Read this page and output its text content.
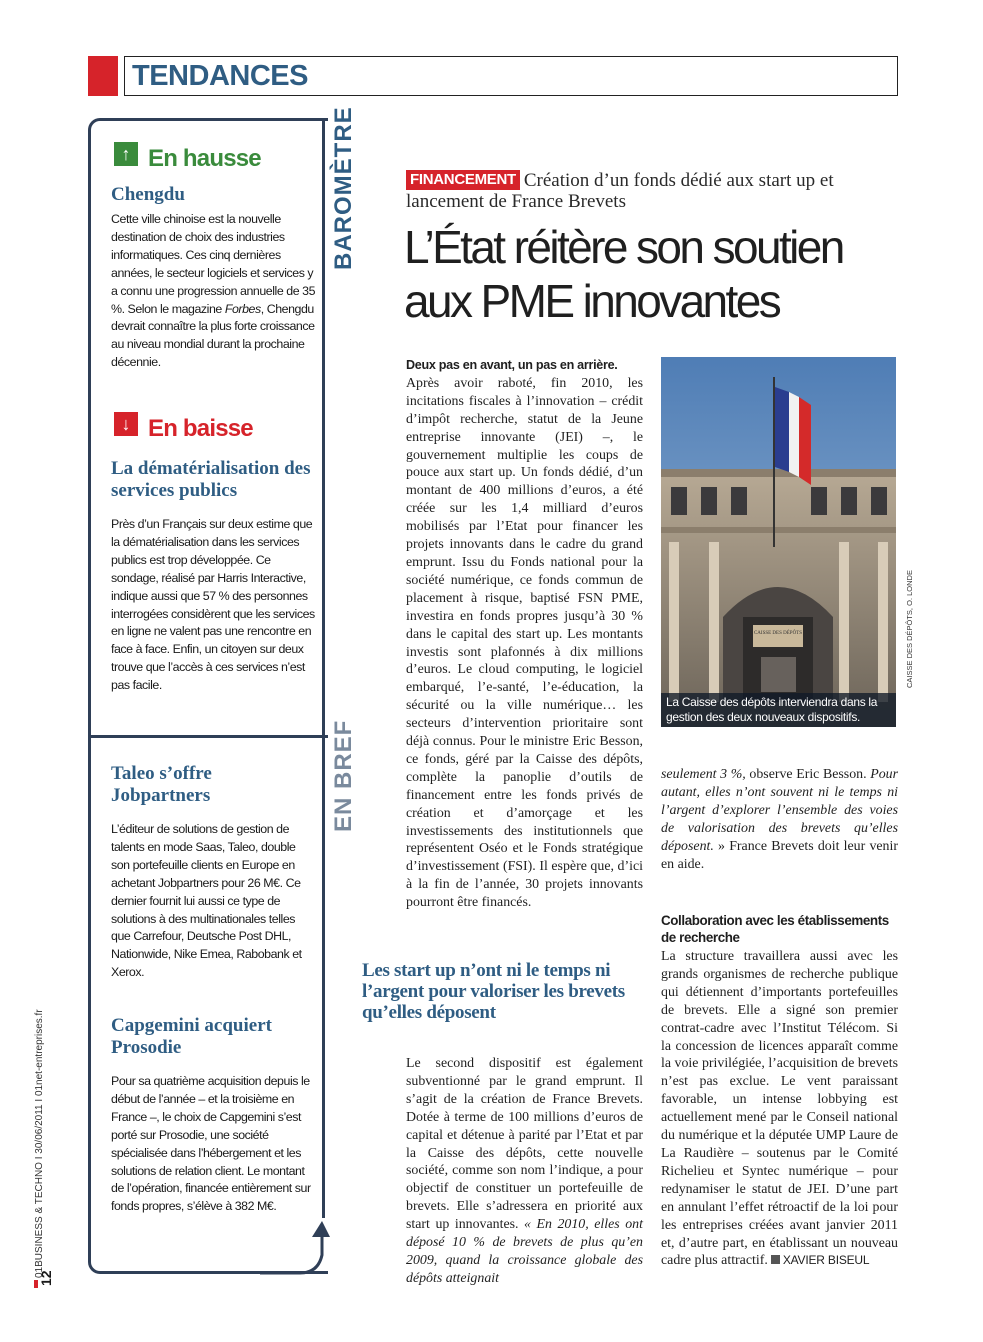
TENDANCES
BAROMÈTRE
EN BREF
↑ En hausse
Chengdu
Cette ville chinoise est la nouvelle destination de choix des industries informatiques. Ces cinq dernières années, le secteur logiciels et services y a connu une progression annuelle de 35 %. Selon le magazine Forbes, Chengdu devrait connaître la plus forte croissance au niveau mondial durant la prochaine décennie.
↓ En baisse
La dématérialisation des services publics
Près d’un Français sur deux estime que la dématérialisation dans les services publics est trop développée. Ce sondage, réalisé par Harris Interactive, indique aussi que 57 % des personnes interrogées considèrent que les services en ligne ne valent pas une rencontre en face à face. Enfin, un citoyen sur deux trouve que l’accès à ces services n’est pas facile.
Taleo s’offre Jobpartners
L’éditeur de solutions de gestion de talents en mode Saas, Taleo, double son portefeuille clients en Europe en achetant Jobpartners pour 26 M€. Ce dernier fournit lui aussi ce type de solutions à des multinationales telles que Carrefour, Deutsche Post DHL, Nationwide, Nike Emea, Rabobank et Xerox.
Capgemini acquiert Prosodie
Pour sa quatrième acquisition depuis le début de l’année – et la troisième en France –, le choix de Capgemini s’est porté sur Prosodie, une société spécialisée dans l’hébergement et les solutions de relation client. Le montant de l’opération, financée entièrement sur fonds propres, s’élève à 382 M€.
FINANCEMENT Création d’un fonds dédié aux start up et lancement de France Brevets
L’État réitère son soutien aux PME innovantes
Deux pas en avant, un pas en arrière.
Après avoir raboté, fin 2010, les incitations fiscales à l’innovation – crédit d’impôt recherche, statut de la Jeune entreprise innovante (JEI) –, le gouvernement multiplie les coups de pouce aux start up. Un fonds dédié, d’un montant de 400 millions d’euros, a été créée sur les 1,4 milliard d’euros mobilisés par l’Etat pour financer les projets innovants dans le cadre du grand emprunt. Issu du Fonds national pour la société numérique, ce fonds commun de placement à risque, baptisé FSN PME, investira en fonds propres jusqu’à 30 % dans le capital des start up. Les montants investis sont plafonnés à dix millions d’euros. Le cloud computing, le logiciel embarqué, l’e-santé, l’e-éducation, la sécurité ou la ville numérique… les secteurs d’intervention prioritaire sont déjà connus. Pour le ministre Eric Besson, ce fonds, géré par la Caisse des dépôts, complète la panoplie d’outils de financement entre les fonds privés de création et d’amorçage et les investissements des institutionnels que représentent Oséo et le Fonds stratégique d’investissement (FSI). Il espère que, d’ici à la fin de l’année, 30 projets innovants pourront être financés.
Les start up n’ont ni le temps ni l’argent pour valoriser les brevets qu’elles déposent
Le second dispositif est également subventionné par le grand emprunt. Il s’agit de la création de France Brevets. Dotée à terme de 100 millions d’euros de capital et détenue à parité par l’Etat et par la Caisse des dépôts, cette nouvelle société, comme son nom l’indique, a pour objectif de constituer un portefeuille de brevets. Elle s’adressera en priorité aux start up innovantes. « En 2010, elles ont déposé 10 % de brevets de plus qu’en 2009, quand la croissance globale des dépôts atteignait
CAISSE DES DÉPÔTS
La Caisse des dépôts interviendra dans la gestion des deux nouveaux dispositifs.
CAISSE DES DÉPÔTS, O. LONDE
seulement 3 %, observe Eric Besson. Pour autant, elles n’ont souvent ni le temps ni l’argent d’explorer l’ensemble des voies de valorisation des brevets qu’elles déposent. » France Brevets doit leur venir en aide.
Collaboration avec les établissements de recherche
La structure travaillera aussi avec les grands organismes de recherche publique qui détiennent d’importants portefeuilles de brevets. Elle a signé son premier contrat-cadre avec l’Institut Télécom. Si la concession de licences apparaît comme la voie privilégiée, l’acquisition de brevets n’est pas exclue. Le vent paraissant favorable, un intense lobbying est actuellement mené par le Conseil national du numérique et la députée UMP Laure de La Raudière – soutenus par le Comité Richelieu et Syntec numérique – pour redynamiser le statut de JEI. D’une part en annulant l’effet rétroactif de la loi pour les entreprises créées avant janvier 2011 et, d’autre part, en établissant un nouveau cadre plus attractif. XAVIER BISEUL
01BUSINESS & TECHNO I 30/06/2011 I 01net-entreprises.fr
12
